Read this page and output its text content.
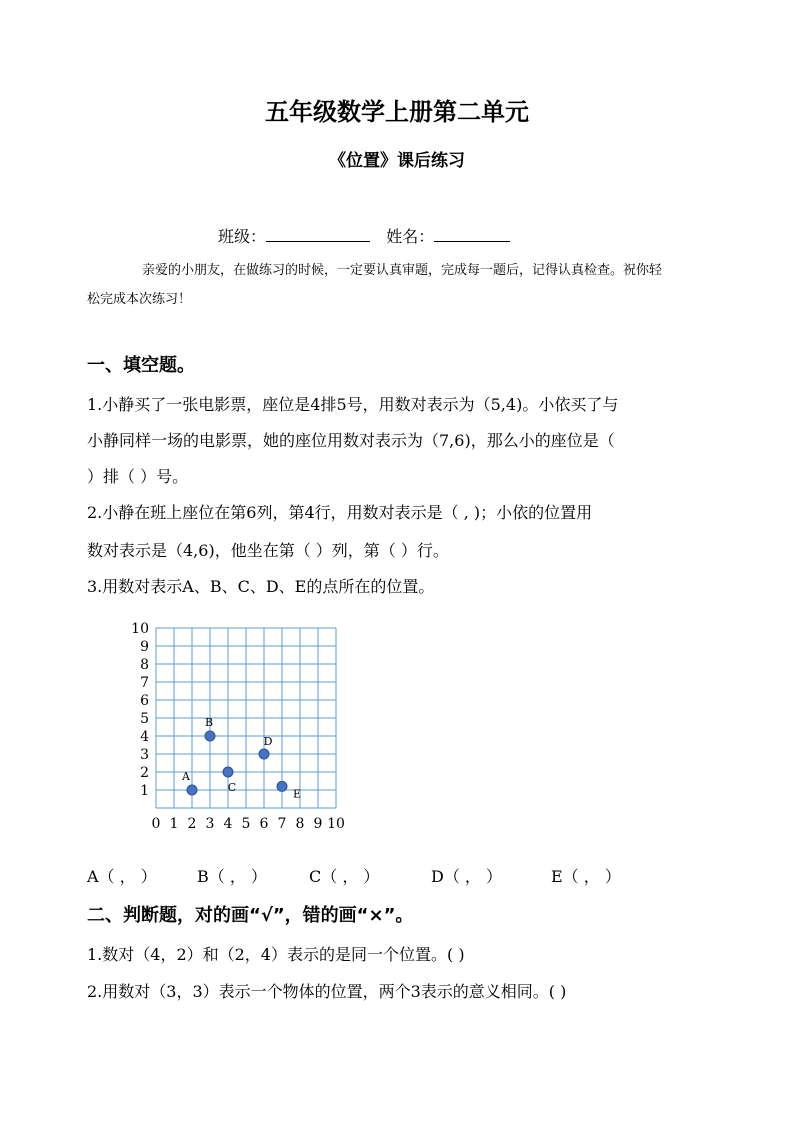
五年级数学上册第二单元
《位置》课后练习
班级：	姓名：
亲爱的小朋友，在做练习的时候，一定要认真审题，完成每一题后，记得认真检查。祝你轻
松完成本次练习！
一、填空题。
1.小静买了一张电影票，座位是4排5号，用数对表示为（5,4)。小依买了与
小静同样一场的电影票，她的座位用数对表示为（7,6)，那么小的座位是（
）排（ ）号。
2.小静在班上座位在第6列，第4行，用数对表示是（ , )；小依的位置用
数对表示是（4,6)，他坐在第（ ）列，第（ ）行。
3.用数对表示A、B、C、D、E的点所在的位置。
0 1 2 3 4 5 6 7 8 9 10
1
2
3
4
5
6
7
8
9
10
A
B
C
D
E
A（ ， ）	B（ ， ）	C（ ， ）	D（ ， ）	E（ ， ）
二、判断题，对的画“√”，错的画“×”。
1.数对（4，2）和（2，4）表示的是同一个位置。( )
2.用数对（3，3）表示一个物体的位置，两个3表示的意义相同。( )
